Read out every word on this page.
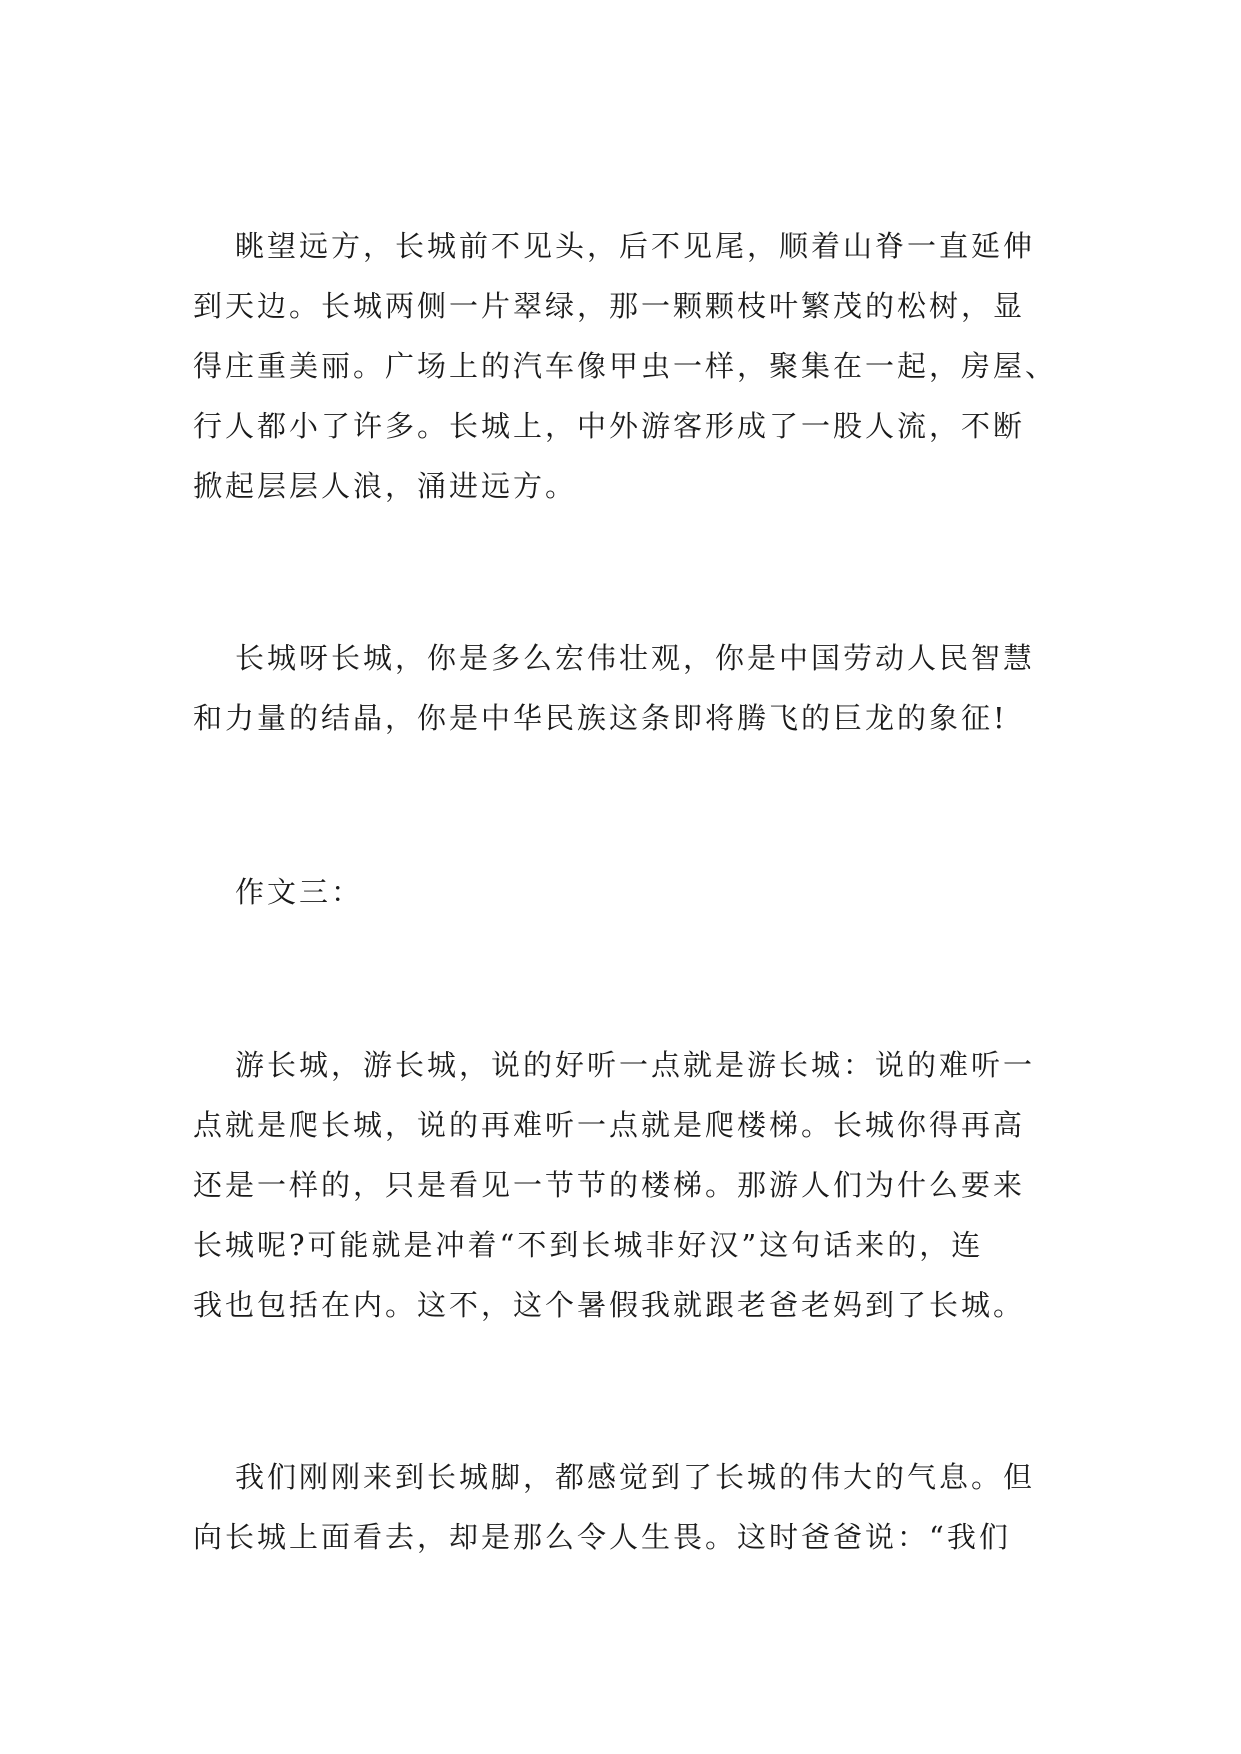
眺望远方，长城前不见头，后不见尾，顺着山脊一直延伸
到天边。长城两侧一片翠绿，那一颗颗枝叶繁茂的松树，显
得庄重美丽。广场上的汽车像甲虫一样，聚集在一起，房屋、
行人都小了许多。长城上，中外游客形成了一股人流，不断
掀起层层人浪，涌进远方。
长城呀长城，你是多么宏伟壮观，你是中国劳动人民智慧
和力量的结晶，你是中华民族这条即将腾飞的巨龙的象征!
作文三：
游长城，游长城，说的好听一点就是游长城：说的难听一
点就是爬长城，说的再难听一点就是爬楼梯。长城你得再高
还是一样的，只是看见一节节的楼梯。那游人们为什么要来
长城呢?可能就是冲着“不到长城非好汉”这句话来的，连
我也包括在内。这不，这个暑假我就跟老爸老妈到了长城。
我们刚刚来到长城脚，都感觉到了长城的伟大的气息。但
向长城上面看去，却是那么令人生畏。这时爸爸说：“我们
